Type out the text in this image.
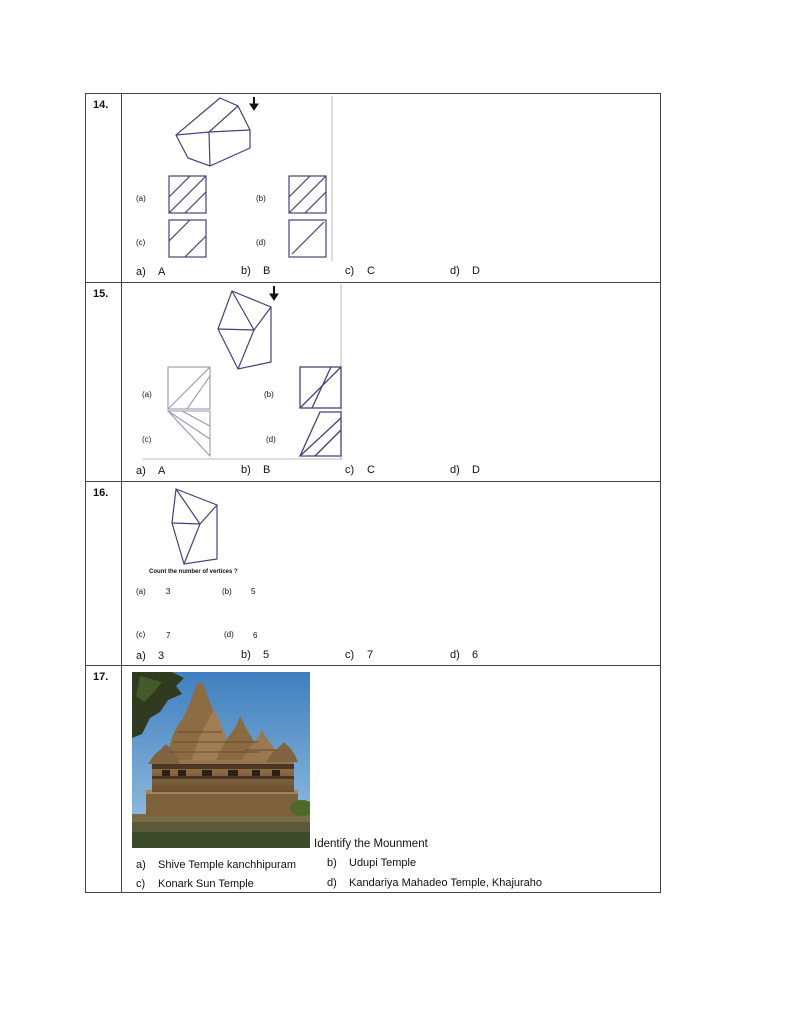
14.
(a)	(b)
(c)	(d)
a) A	b) B	c) C	d) D
15.
(a)	(b)
(c)	(d)
a) A	b) B	c) C	d) D
16.
Count the number of vertices ?
(a)	3	(b) 5
(c)	7	(d) 6
a) 3	b) 5	c) 7	d) 6
17.
Identify the Mounment
a) Shive Temple kanchhipuram	b) Udupi Temple
c) Konark Sun Temple	d) Kandariya Mahadeo Temple, Khajuraho
